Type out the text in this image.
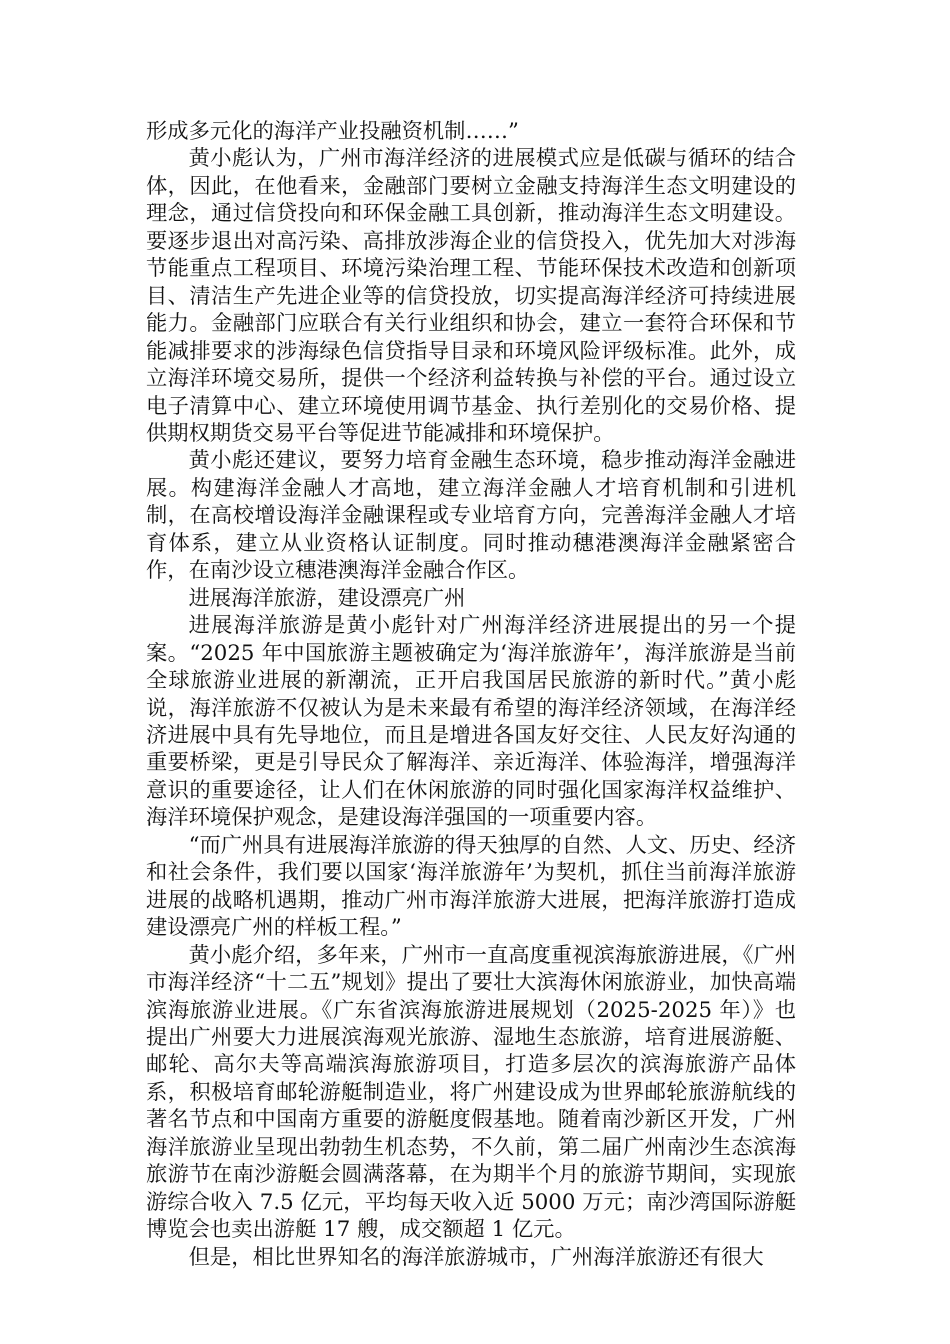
形成多元化的海洋产业投融资机制……”

黄小彪认为，广州市海洋经济的进展模式应是低碳与循环的结合体，因此，在他看来，金融部门要树立金融支持海洋生态文明建设的理念，通过信贷投向和环保金融工具创新，推动海洋生态文明建设。要逐步退出对高污染、高排放涉海企业的信贷投入，优先加大对涉海节能重点工程项目、环境污染治理工程、节能环保技术改造和创新项目、清洁生产先进企业等的信贷投放，切实提高海洋经济可持续进展能力。金融部门应联合有关行业组织和协会，建立一套符合环保和节能减排要求的涉海绿色信贷指导目录和环境风险评级标准。此外，成立海洋环境交易所，提供一个经济利益转换与补偿的平台。通过设立电子清算中心、建立环境使用调节基金、执行差别化的交易价格、提供期权期货交易平台等促进节能减排和环境保护。

黄小彪还建议，要努力培育金融生态环境，稳步推动海洋金融进展。构建海洋金融人才高地，建立海洋金融人才培育机制和引进机制，在高校增设海洋金融课程或专业培育方向，完善海洋金融人才培育体系，建立从业资格认证制度。同时推动穗港澳海洋金融紧密合作，在南沙设立穗港澳海洋金融合作区。

进展海洋旅游，建设漂亮广州

进展海洋旅游是黄小彪针对广州海洋经济进展提出的另一个提案。“2025 年中国旅游主题被确定为‘海洋旅游年’，海洋旅游是当前全球旅游业进展的新潮流，正开启我国居民旅游的新时代。”黄小彪说，海洋旅游不仅被认为是未来最有希望的海洋经济领域，在海洋经济进展中具有先导地位，而且是增进各国友好交往、人民友好沟通的重要桥梁，更是引导民众了解海洋、亲近海洋、体验海洋，增强海洋意识的重要途径，让人们在休闲旅游的同时强化国家海洋权益维护、海洋环境保护观念，是建设海洋强国的一项重要内容。

“而广州具有进展海洋旅游的得天独厚的自然、人文、历史、经济和社会条件，我们要以国家‘海洋旅游年’为契机，抓住当前海洋旅游进展的战略机遇期，推动广州市海洋旅游大进展，把海洋旅游打造成建设漂亮广州的样板工程。”

黄小彪介绍，多年来，广州市一直高度重视滨海旅游进展，《广州市海洋经济“十二五”规划》提出了要壮大滨海休闲旅游业，加快高端滨海旅游业进展。《广东省滨海旅游进展规划（2025-2025 年）》也提出广州要大力进展滨海观光旅游、湿地生态旅游，培育进展游艇、邮轮、高尔夫等高端滨海旅游项目，打造多层次的滨海旅游产品体系，积极培育邮轮游艇制造业，将广州建设成为世界邮轮旅游航线的著名节点和中国南方重要的游艇度假基地。随着南沙新区开发，广州海洋旅游业呈现出勃勃生机态势，不久前，第二届广州南沙生态滨海旅游节在南沙游艇会圆满落幕，在为期半个月的旅游节期间，实现旅游综合收入 7.5 亿元，平均每天收入近 5000 万元；南沙湾国际游艇博览会也卖出游艇 17 艘，成交额超 1 亿元。

但是，相比世界知名的海洋旅游城市，广州海洋旅游还有很大
